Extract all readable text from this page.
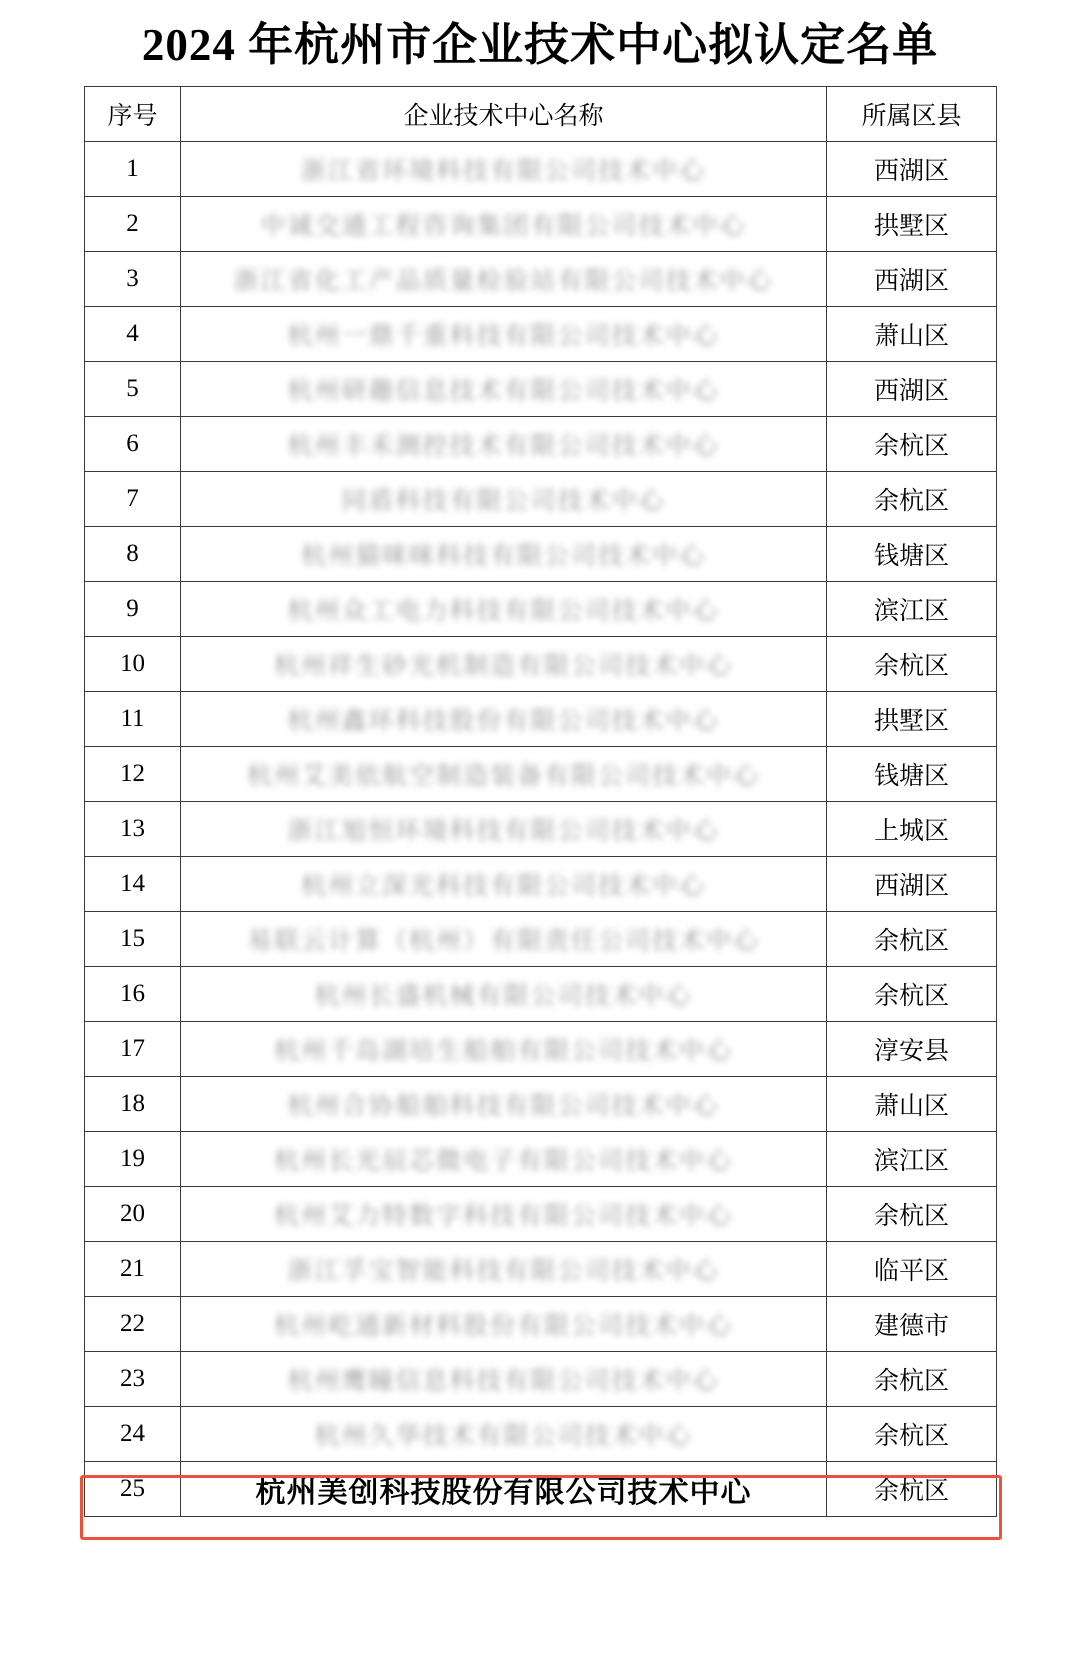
2024 年杭州市企业技术中心拟认定名单
序号	企业技术中心名称	所属区县
1	浙江省环境科技有限公司技术中心	西湖区
2	中诚交通工程咨询集团有限公司技术中心	拱墅区
3	浙江省化工产品质量检验站有限公司技术中心	西湖区
4	杭州一鼎千重科技有限公司技术中心	萧山区
5	杭州研趣信息技术有限公司技术中心	西湖区
6	杭州丰禾测控技术有限公司技术中心	余杭区
7	同盾科技有限公司技术中心	余杭区
8	杭州猫咪咪科技有限公司技术中心	钱塘区
9	杭州众工电力科技有限公司技术中心	滨江区
10	杭州祥生砂光机制造有限公司技术中心	余杭区
11	杭州鑫环科技股份有限公司技术中心	拱墅区
12	杭州艾美依航空制造装备有限公司技术中心	钱塘区
13	浙江旭恒环境科技有限公司技术中心	上城区
14	杭州立深光科技有限公司技术中心	西湖区
15	易联云计算（杭州）有限责任公司技术中心	余杭区
16	杭州长盛机械有限公司技术中心	余杭区
17	杭州千岛湖培生船舶有限公司技术中心	淳安县
18	杭州合协船舶科技有限公司技术中心	萧山区
19	杭州长光辰芯微电子有限公司技术中心	滨江区
20	杭州艾力特数字科技有限公司技术中心	余杭区
21	浙江孚宝智能科技有限公司技术中心	临平区
22	杭州屹通新材料股份有限公司技术中心	建德市
23	杭州鹰瞳信息科技有限公司技术中心	余杭区
24	杭州久华技术有限公司技术中心	余杭区
25	杭州美创科技股份有限公司技术中心	余杭区
